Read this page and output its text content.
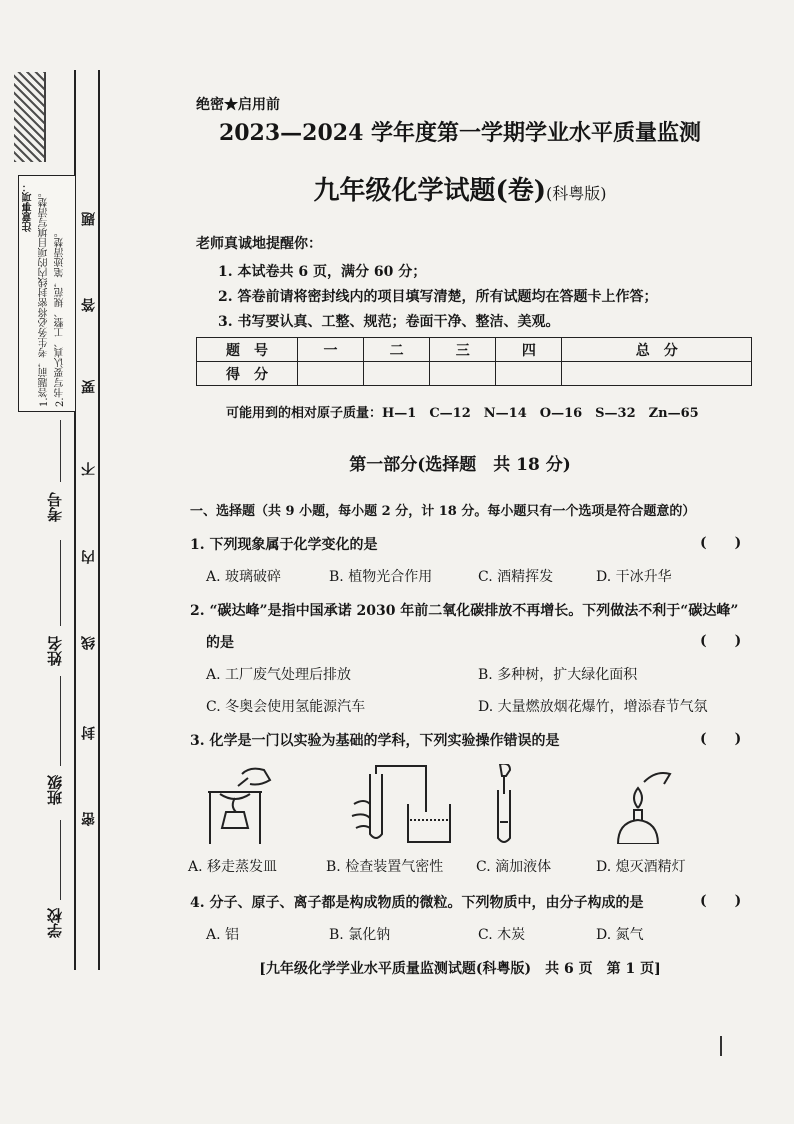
注意事项： 1.答题前，考生务必将密封线内的项目填写清楚。 2.书写要认真、工整、规范，笔迹清楚。
考号
姓名
班级
学校
密
封
线
内
不
要
答
题
绝密★启用前
2023—2024 学年度第一学期学业水平质量监测
九年级化学试题(卷)(科粤版)
老师真诚地提醒你：
1. 本试卷共 6 页，满分 60 分；
2. 答卷前请将密封线内的项目填写清楚，所有试题均在答题卡上作答；
3. 书写要认真、工整、规范；卷面干净、整洁、美观。
题　号	一	二	三	四	总　分
得　分					
可能用到的相对原子质量：H—1　C—12　N—14　O—16　S—32　Zn—65
第一部分(选择题　共 18 分)
一、选择题（共 9 小题，每小题 2 分，计 18 分。每小题只有一个选项是符合题意的）
1. 下列现象属于化学变化的是	(　　)
A. 玻璃破碎	B. 植物光合作用	C. 酒精挥发	D. 干冰升华
2. “碳达峰”是指中国承诺 2030 年前二氧化碳排放不再增长。下列做法不利于“碳达峰”
的是	(　　)
A. 工厂废气处理后排放	B. 多种树，扩大绿化面积
C. 冬奥会使用氢能源汽车	D. 大量燃放烟花爆竹，增添春节气氛
3. 化学是一门以实验为基础的学科，下列实验操作错误的是	(　　)
A. 移走蒸发皿	B. 检查装置气密性 C. 滴加液体	D. 熄灭酒精灯
4. 分子、原子、离子都是构成物质的微粒。下列物质中，由分子构成的是	(　　)
A. 铝	B. 氯化钠	C. 木炭	D. 氮气
[九年级化学学业水平质量监测试题(科粤版)　共 6 页　第 1 页]
